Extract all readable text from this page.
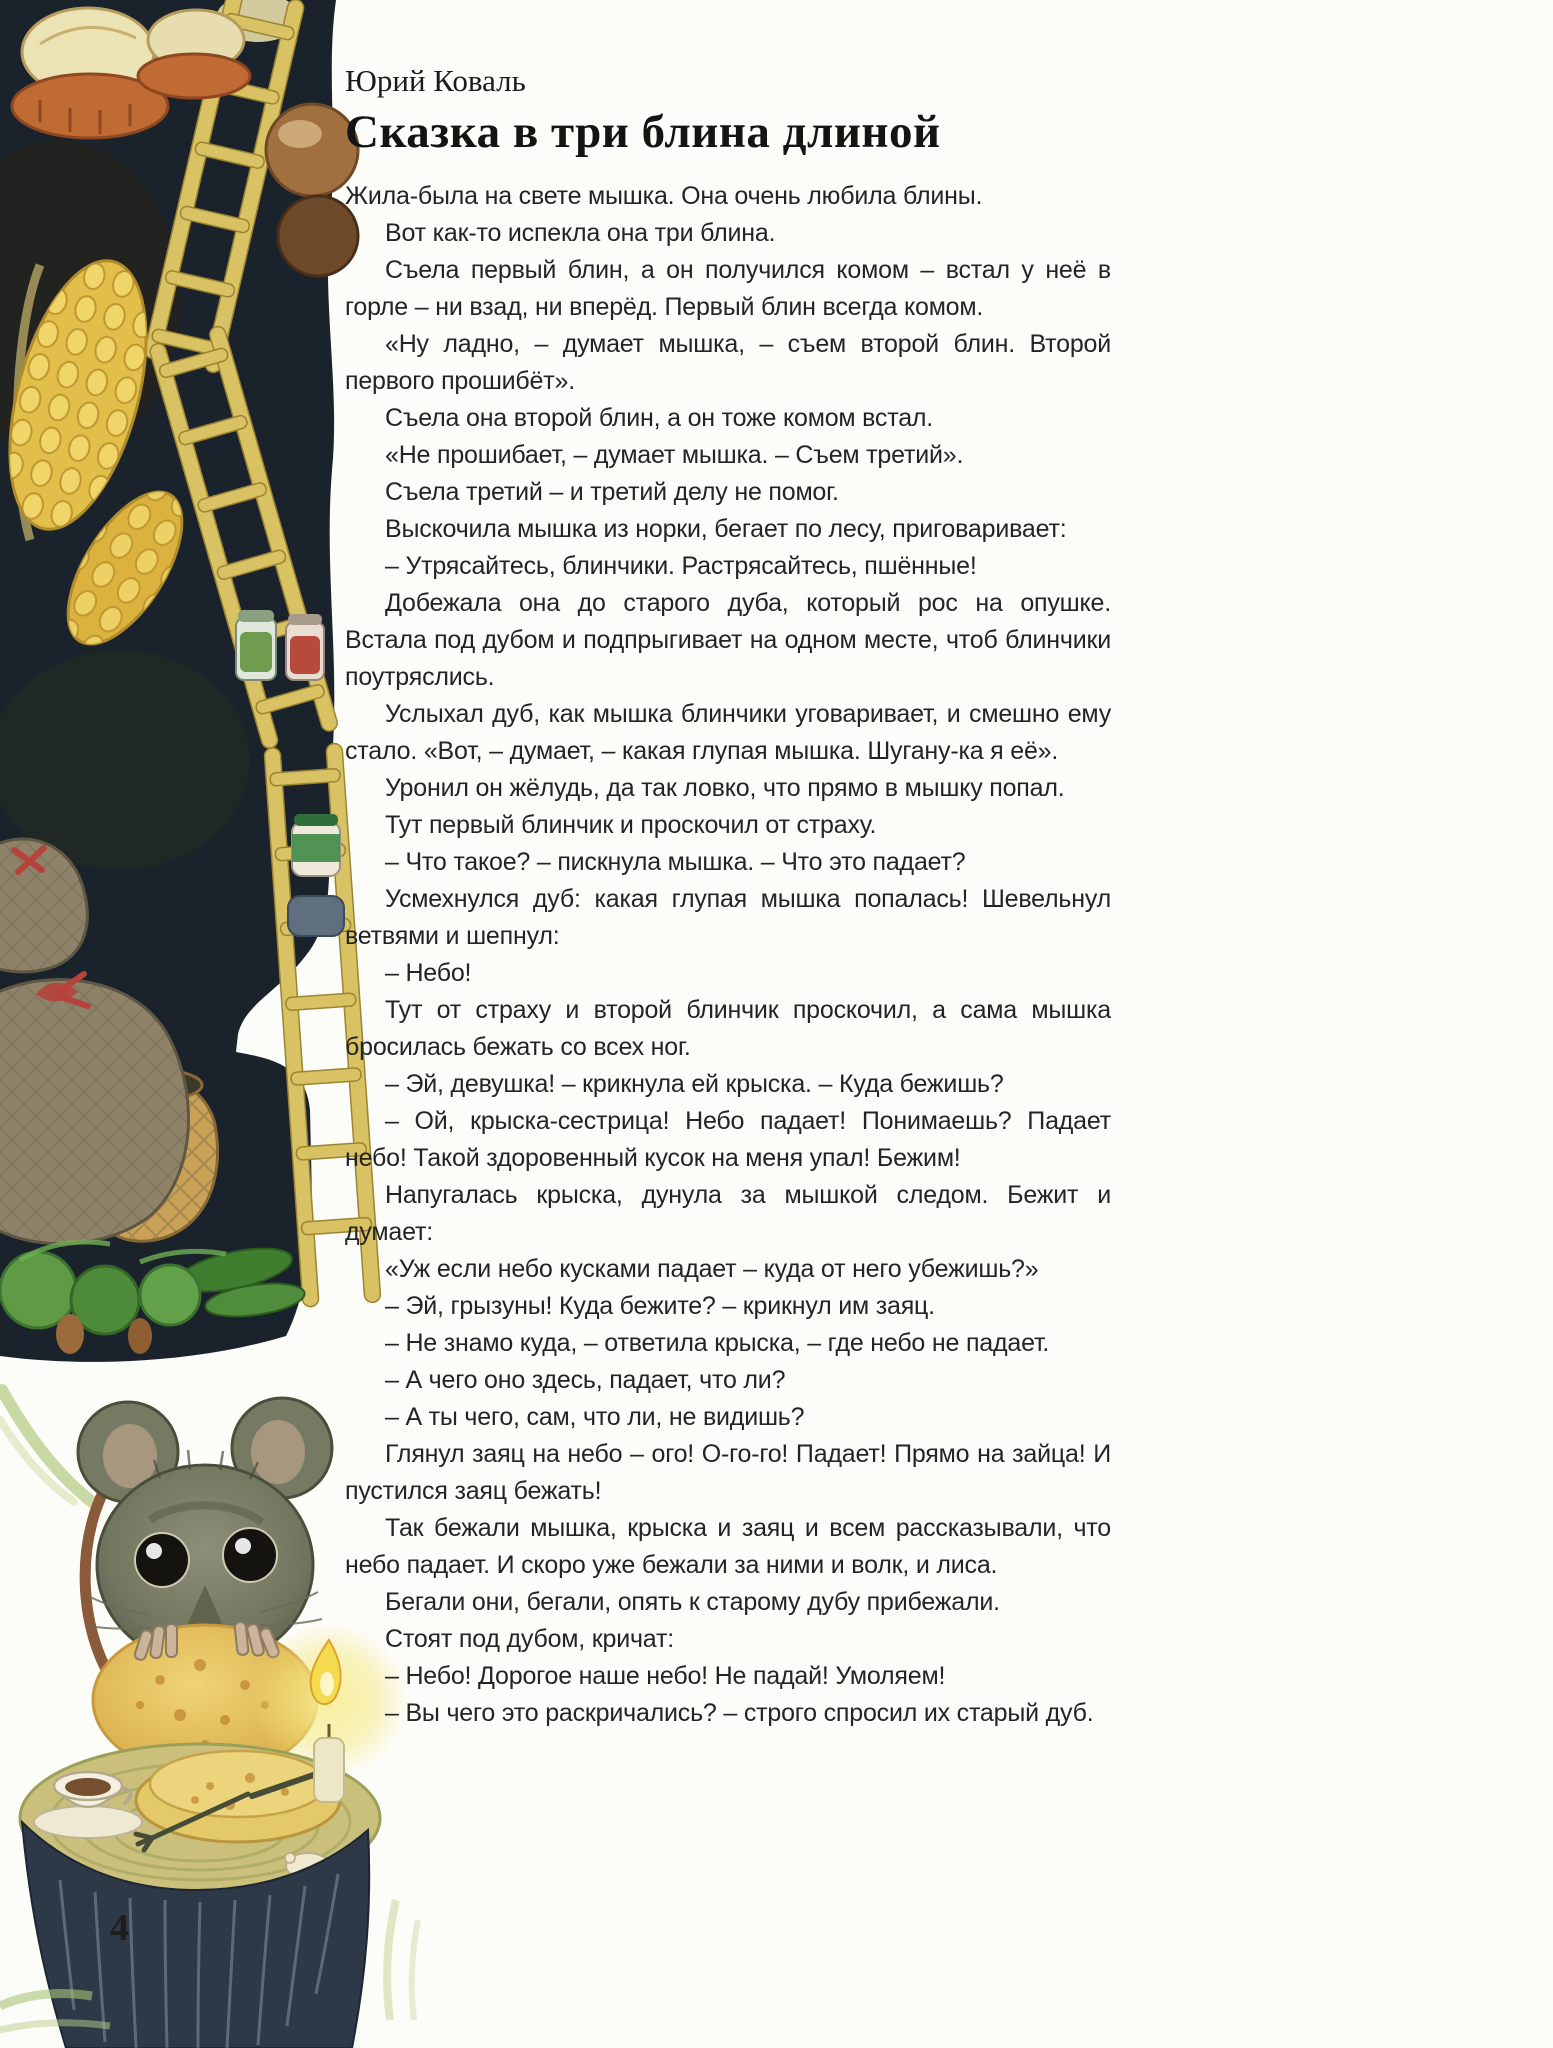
4
Юрий Коваль
Сказка в три блина длиной

Жила-была на свете мышка. Она очень любила блины.

Вот как-то испекла она три блина.

Съела первый блин, а он получился комом – встал у неё в горле – ни взад, ни вперёд. Первый блин всегда комом.

«Ну ладно, – думает мышка, – съем второй блин. Второй первого прошибёт».

Съела она второй блин, а он тоже комом встал.

«Не прошибает, – думает мышка. – Съем третий».

Съела третий – и третий делу не помог.

Выскочила мышка из норки, бегает по лесу, приговаривает:

– Утрясайтесь, блинчики. Растрясайтесь, пшённые!

Добежала она до старого дуба, который рос на опушке. Встала под дубом и подпрыгивает на одном месте, чтоб блинчики поутряслись.

Услыхал дуб, как мышка блинчики уговаривает, и смешно ему стало. «Вот, – думает, – какая глупая мышка. Шугану-ка я её».

Уронил он жёлудь, да так ловко, что прямо в мышку попал.

Тут первый блинчик и проскочил от страху.

– Что такое? – пискнула мышка. – Что это падает?

Усмехнулся дуб: какая глупая мышка попалась! Шевельнул ветвями и шепнул:

– Небо!

Тут от страху и второй блинчик проскочил, а сама мышка бросилась бежать со всех ног.

– Эй, девушка! – крикнула ей крыска. – Куда бежишь?

– Ой, крыска-сестрица! Небо падает! Понимаешь? Падает небо! Такой здоровенный кусок на меня упал! Бежим!

Напугалась крыска, дунула за мышкой следом. Бежит и думает:

«Уж если небо кусками падает – куда от него убежишь?»

– Эй, грызуны! Куда бежите? – крикнул им заяц.

– Не знамо куда, – ответила крыска, – где небо не падает.

– А чего оно здесь, падает, что ли?

– А ты чего, сам, что ли, не видишь?

Глянул заяц на небо – ого! О-го-го! Падает! Прямо на зайца! И пустился заяц бежать!

Так бежали мышка, крыска и заяц и всем рассказывали, что небо падает. И скоро уже бежали за ними и волк, и лиса.

Бегали они, бегали, опять к старому дубу прибежали.

Стоят под дубом, кричат:

– Небо! Дорогое наше небо! Не падай! Умоляем!

– Вы чего это раскричались? – строго спросил их старый дуб.
